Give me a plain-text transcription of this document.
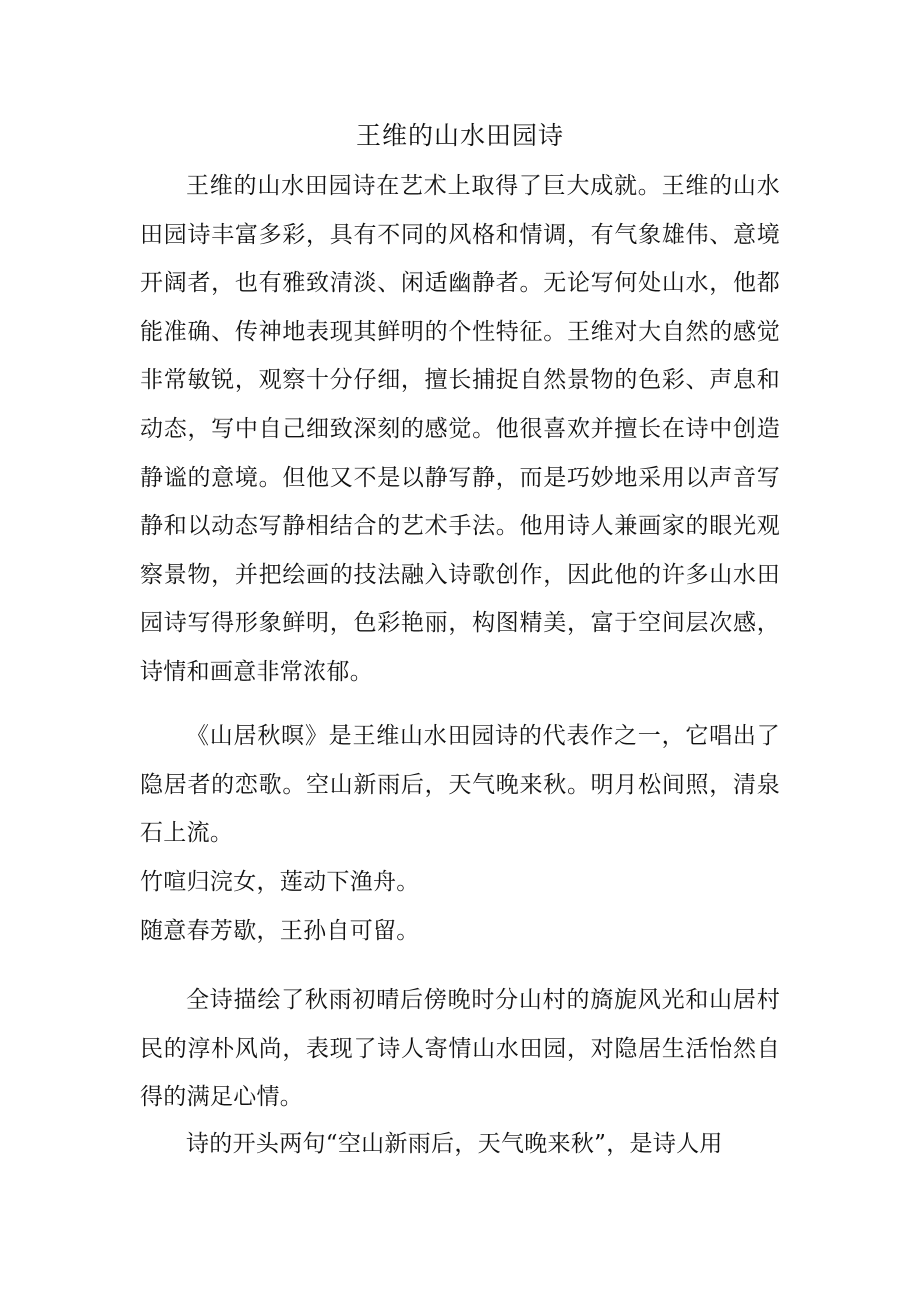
王维的山水田园诗
王维的山水田园诗在艺术上取得了巨大成就。王维的山水田园诗丰富多彩，具有不同的风格和情调，有气象雄伟、意境开阔者，也有雅致清淡、闲适幽静者。无论写何处山水，他都能准确、传神地表现其鲜明的个性特征。王维对大自然的感觉非常敏锐，观察十分仔细，擅长捕捉自然景物的色彩、声息和动态，写中自己细致深刻的感觉。他很喜欢并擅长在诗中创造静谧的意境。但他又不是以静写静，而是巧妙地采用以声音写静和以动态写静相结合的艺术手法。他用诗人兼画家的眼光观察景物，并把绘画的技法融入诗歌创作，因此他的许多山水田园诗写得形象鲜明，色彩艳丽，构图精美，富于空间层次感，诗情和画意非常浓郁。
《山居秋暝》是王维山水田园诗的代表作之一，它唱出了隐居者的恋歌。空山新雨后，天气晚来秋。明月松间照，清泉石上流。
竹喧归浣女，莲动下渔舟。
随意春芳歇，王孙自可留。
全诗描绘了秋雨初晴后傍晚时分山村的旖旎风光和山居村民的淳朴风尚，表现了诗人寄情山水田园，对隐居生活怡然自得的满足心情。
诗的开头两句“空山新雨后，天气晚来秋”，是诗人用
